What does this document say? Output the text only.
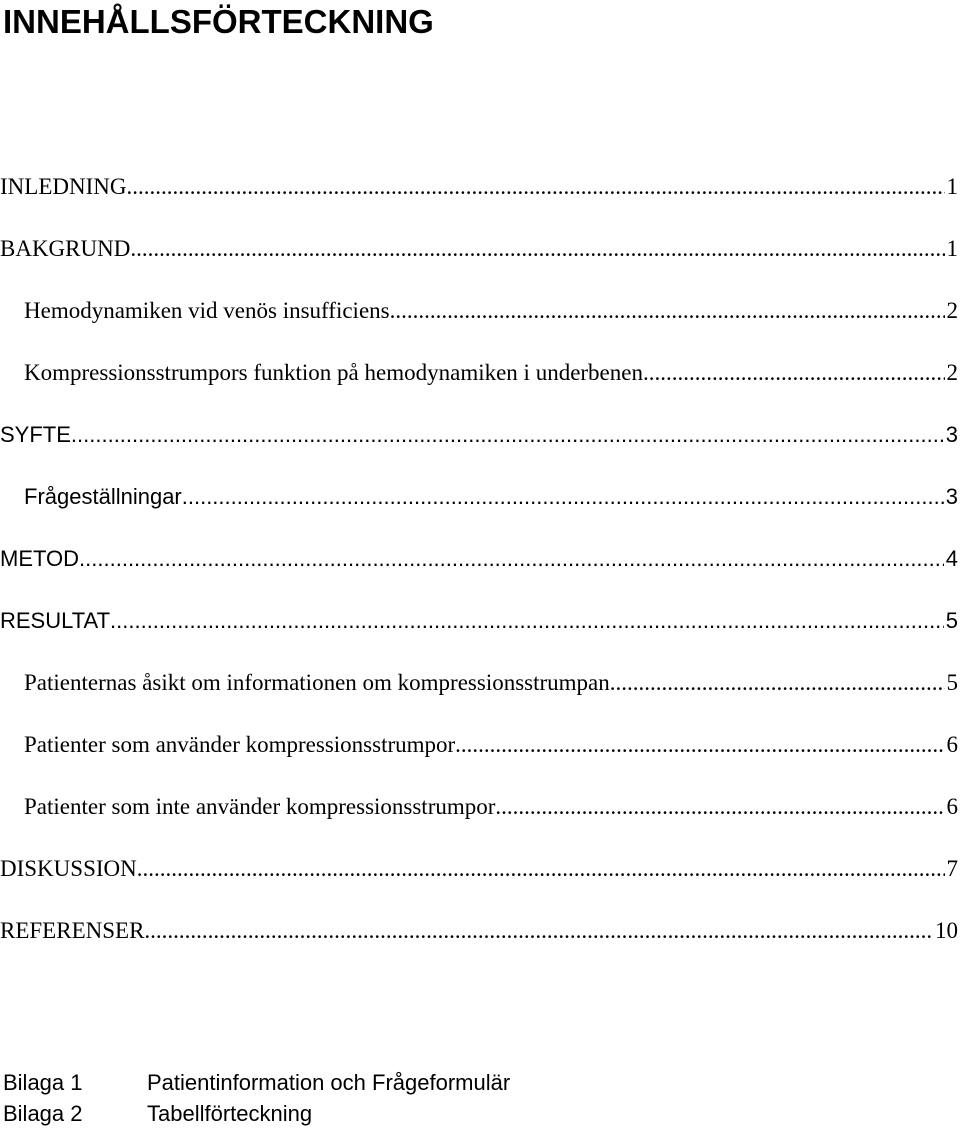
INNEHÅLLSFÖRTECKNING
INLEDNING .....	1
BAKGRUND .....	1
Hemodynamiken vid venös insufficiens .....	2
Kompressionsstrumpors funktion på hemodynamiken i underbenen .....	2
SYFTE .....	3
Frågeställningar .....	3
METOD .....	4
RESULTAT .....	5
Patienternas åsikt om informationen om kompressionsstrumpan .....	5
Patienter som använder kompressionsstrumpor .....	6
Patienter som inte använder kompressionsstrumpor .....	6
DISKUSSION .....	7
REFERENSER .....	10
Bilaga 1	Patientinformation och Frågeformulär
Bilaga 2	Tabellförteckning
